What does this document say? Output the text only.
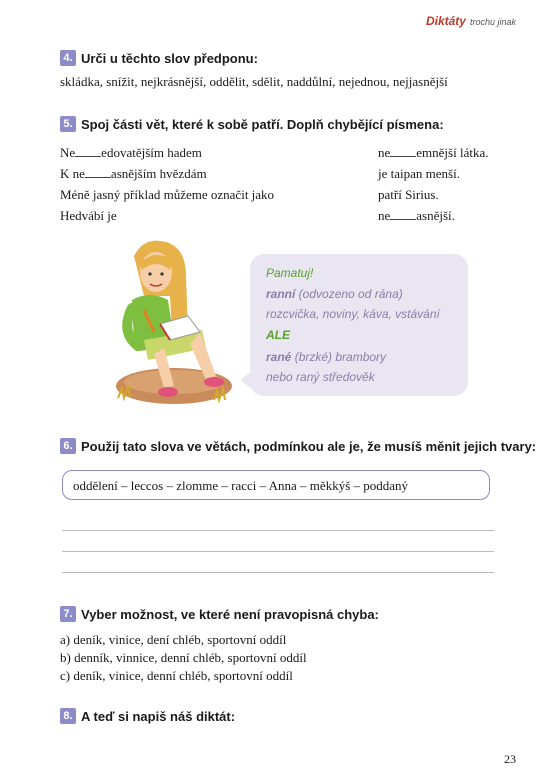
Diktáty trochu jinak
4. Urči u těchto slov předponu:
skládka, snížit, nejkrásnější, oddělit, sdělit, naddůlní, nejednou, nejjasnější
5. Spoj části vět, které k sobě patří. Doplň chybějící písmena:
Ne edovatějším hadem
K ne asnějším hvězdám
Méně jasný příklad můžeme označit jako
Hedvábí je
ne emnější látka.
je taipan menší.
patří Sirius.
ne asnější.
Pamatuj!
ranní (odvozeno od rána)
rozcvička, noviny, káva, vstávání
ALE
rané (brzké) brambory
nebo raný středověk
6. Použij tato slova ve větách, podmínkou ale je, že musíš měnit jejich tvary:
oddělení – leccos – zlomme – racci – Anna – měkkýš – poddaný
7. Vyber možnost, ve které není pravopisná chyba:
a) deník, vinice, dení chléb, sportovní oddíl
b) denník, vinnice, denní chléb, sportovní oddíl
c) deník, vinice, denní chléb, sportovní oddíl
8. A teď si napiš náš diktát:
23
